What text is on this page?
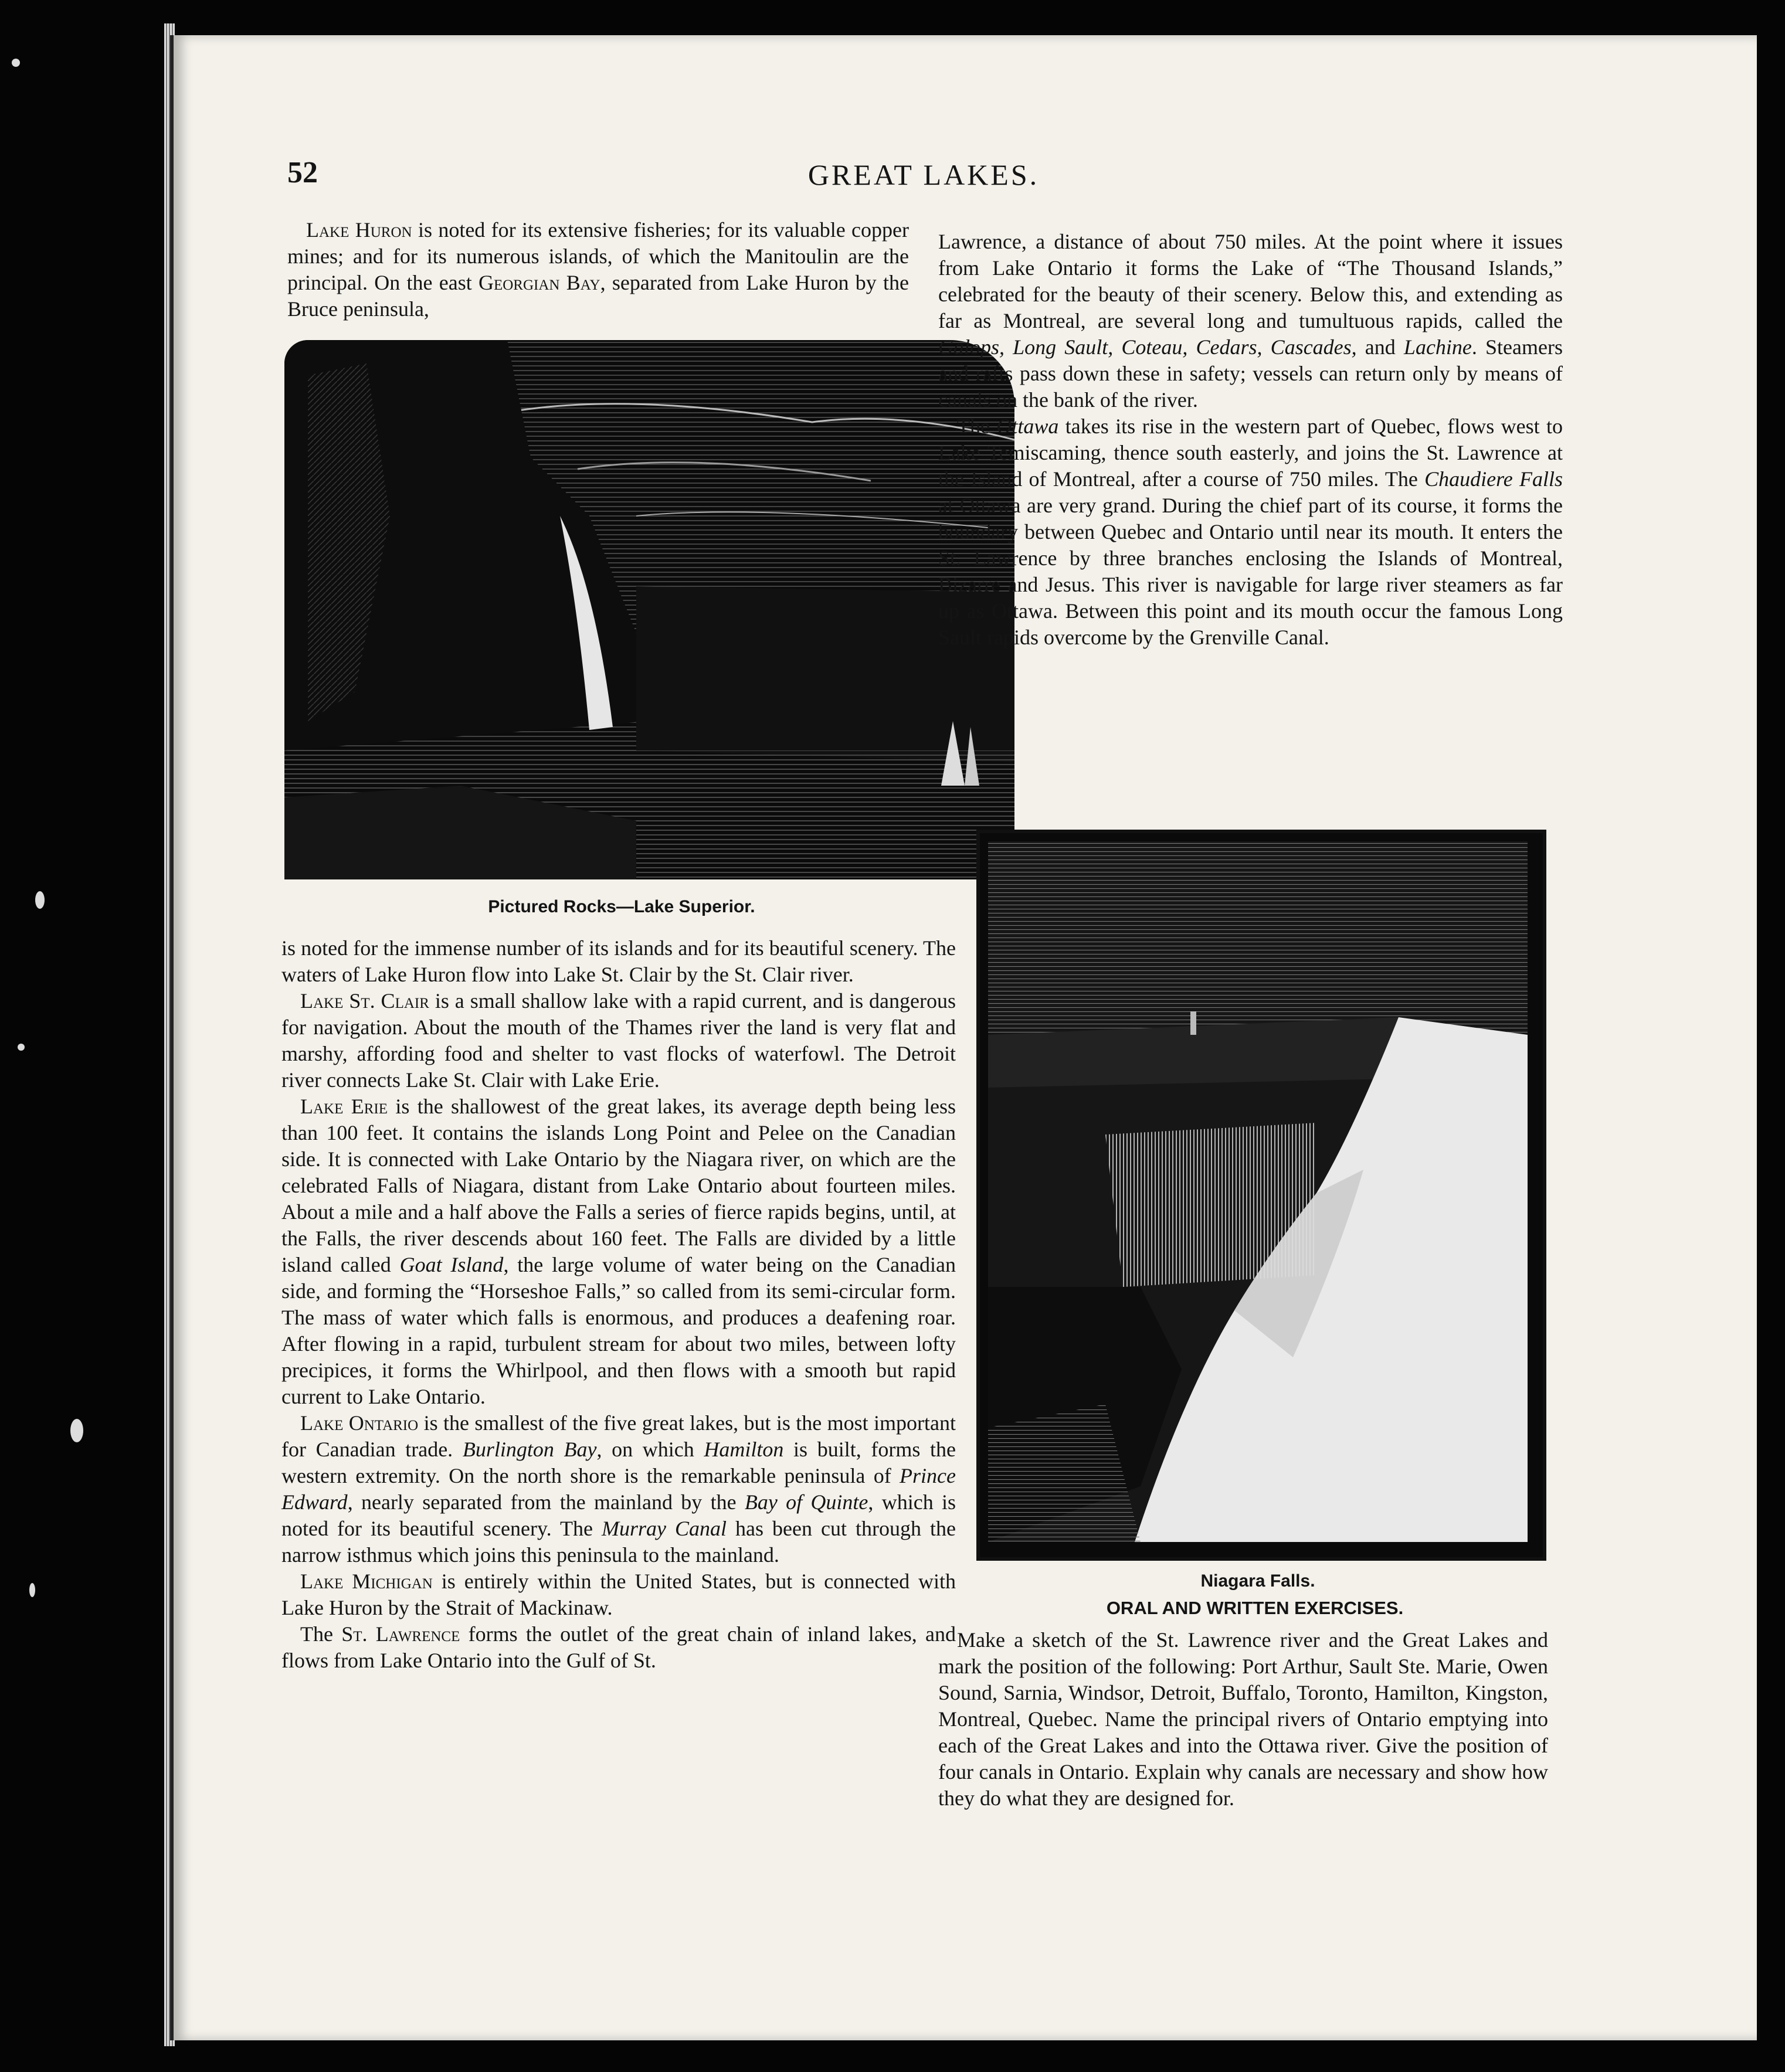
52	GREAT LAKES.

Lake Huron is noted for its extensive fisheries; for its valuable copper mines; and for its numerous islands, of which the Manitoulin are the principal. On the east Georgian Bay, separated from Lake Huron by the Bruce peninsula,

Pictured Rocks—Lake Superior.

is noted for the immense number of its islands and for its beautiful scenery. The waters of Lake Huron flow into Lake St. Clair by the St. Clair river.

Lake St. Clair is a small shallow lake with a rapid current, and is dangerous for navigation. About the mouth of the Thames river the land is very flat and marshy, affording food and shelter to vast flocks of waterfowl. The Detroit river connects Lake St. Clair with Lake Erie.

Lake Erie is the shallowest of the great lakes, its average depth being less than 100 feet. It contains the islands Long Point and Pelee on the Canadian side. It is connected with Lake Ontario by the Niagara river, on which are the celebrated Falls of Niagara, distant from Lake Ontario about fourteen miles. About a mile and a half above the Falls a series of fierce rapids begins, until, at the Falls, the river descends about 160 feet. The Falls are divided by a little island called Goat Island, the large volume of water being on the Canadian side, and forming the “Horseshoe Falls,” so called from its semi-circular form. The mass of water which falls is enormous, and produces a deafening roar. After flowing in a rapid, turbulent stream for about two miles, between lofty precipices, it forms the Whirlpool, and then flows with a smooth but rapid current to Lake Ontario.

Lake Ontario is the smallest of the five great lakes, but is the most important for Canadian trade. Burlington Bay, on which Hamilton is built, forms the western extremity. On the north shore is the remarkable peninsula of Prince Edward, nearly separated from the mainland by the Bay of Quinte, which is noted for its beautiful scenery. The Murray Canal has been cut through the narrow isthmus which joins this peninsula to the mainland.

Lake Michigan is entirely within the United States, but is connected with Lake Huron by the Strait of Mackinaw.

The St. Lawrence forms the outlet of the great chain of inland lakes, and flows from Lake Ontario into the Gulf of St.

Lawrence, a distance of about 750 miles. At the point where it issues from Lake Ontario it forms the Lake of “The Thousand Islands,” celebrated for the beauty of their scenery. Below this, and extending as far as Montreal, are several long and tumultuous rapids, called the Galops, Long Sault, Coteau, Cedars, Cascades, and Lachine. Steamers and rafts pass down these in safety; vessels can return only by means of canals on the bank of the river.

The Ottawa takes its rise in the western part of Quebec, flows west to Lake Temiscaming, thence south easterly, and joins the St. Lawrence at the Island of Montreal, after a course of 750 miles. The Chaudiere Falls at Ottawa are very grand. During the chief part of its course, it forms the boundary between Quebec and Ontario until near its mouth. It enters the St. Lawrence by three branches enclosing the Islands of Montreal, Bizarre and Jesus. This river is navigable for large river steamers as far up as Ottawa. Between this point and its mouth occur the famous Long Sault rapids overcome by the Grenville Canal.

Niagara Falls.
ORAL AND WRITTEN EXERCISES.

Make a sketch of the St. Lawrence river and the Great Lakes and mark the position of the following: Port Arthur, Sault Ste. Marie, Owen Sound, Sarnia, Windsor, Detroit, Buffalo, Toronto, Hamilton, Kingston, Montreal, Quebec. Name the principal rivers of Ontario emptying into each of the Great Lakes and into the Ottawa river. Give the position of four canals in Ontario. Explain why canals are necessary and show how they do what they are designed for.
